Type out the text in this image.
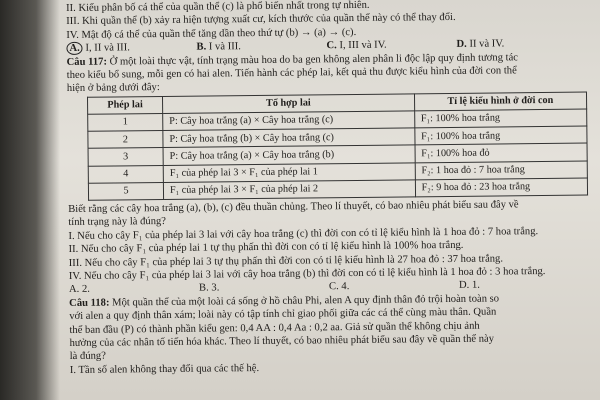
II. Kiểu phân bố cá thể của quần thể (c) là phổ biến nhất trong tự nhiên.
III. Khi quần thể (b) xảy ra hiện tượng xuất cư, kích thước của quần thể này có thể thay đổi.
IV. Mật độ cá thể của quần thể tăng dần theo thứ tự (b) → (a) → (c).
A. I, II và III.	B. I và III.	C. I, III và IV.	D. II và IV.
Câu 117: Ở một loài thực vật, tính trạng màu hoa do ba gen không alen phân li độc lập quy định tương tác
theo kiểu bổ sung, mỗi gen có hai alen. Tiến hành các phép lai, kết quả thu được kiểu hình của đời con thể
hiện ở bảng dưới đây:
Phép lai	Tổ hợp lai	Tỉ lệ kiểu hình ở đời con
1	P: Cây hoa trắng (a) × Cây hoa trắng (c)	F₁: 100% hoa trắng
2	P: Cây hoa trắng (b) × Cây hoa trắng (c)	F₁: 100% hoa trắng
3	P: Cây hoa trắng (a) × Cây hoa trắng (b)	F₁: 100% hoa đỏ
4	F₁ của phép lai 3 × F₁ của phép lai 1	F₂: 1 hoa đỏ : 7 hoa trắng
5	F₁ của phép lai 3 × F₁ của phép lai 2	F₂: 9 hoa đỏ : 23 hoa trắng
Biết rằng các cây hoa trắng (a), (b), (c) đều thuần chủng. Theo lí thuyết, có bao nhiêu phát biểu sau đây về
tính trạng này là đúng?
I. Nếu cho cây F₁ của phép lai 3 lai với cây hoa trắng (c) thì đời con có tỉ lệ kiểu hình là 1 hoa đỏ : 7 hoa trắng.
II. Nếu cho cây F₁ của phép lai 1 tự thụ phấn thì đời con có tỉ lệ kiểu hình là 100% hoa trắng.
III. Nếu cho cây F₁ của phép lai 3 tự thụ phấn thì đời con có tỉ lệ kiểu hình là 27 hoa đỏ : 37 hoa trắng.
IV. Nếu cho cây F₁ của phép lai 3 lai với cây hoa trắng (b) thì đời con có tỉ lệ kiểu hình là 1 hoa đỏ : 3 hoa trắng.
A. 2.	B. 3.	C. 4.	D. 1.
Câu 118: Một quần thể của một loài cá sống ở hồ châu Phi, alen A quy định thân đỏ trội hoàn toàn so
với alen a quy định thân xám; loài này có tập tính chỉ giao phối giữa các cá thể cùng màu thân. Quần
thể ban đầu (P) có thành phần kiểu gen: 0,4 AA : 0,4 Aa : 0,2 aa. Giả sử quần thể không chịu ảnh
hưởng của các nhân tố tiến hóa khác. Theo lí thuyết, có bao nhiêu phát biểu sau đây về quần thể này
là đúng?
I. Tần số alen không thay đổi qua các thế hệ.
